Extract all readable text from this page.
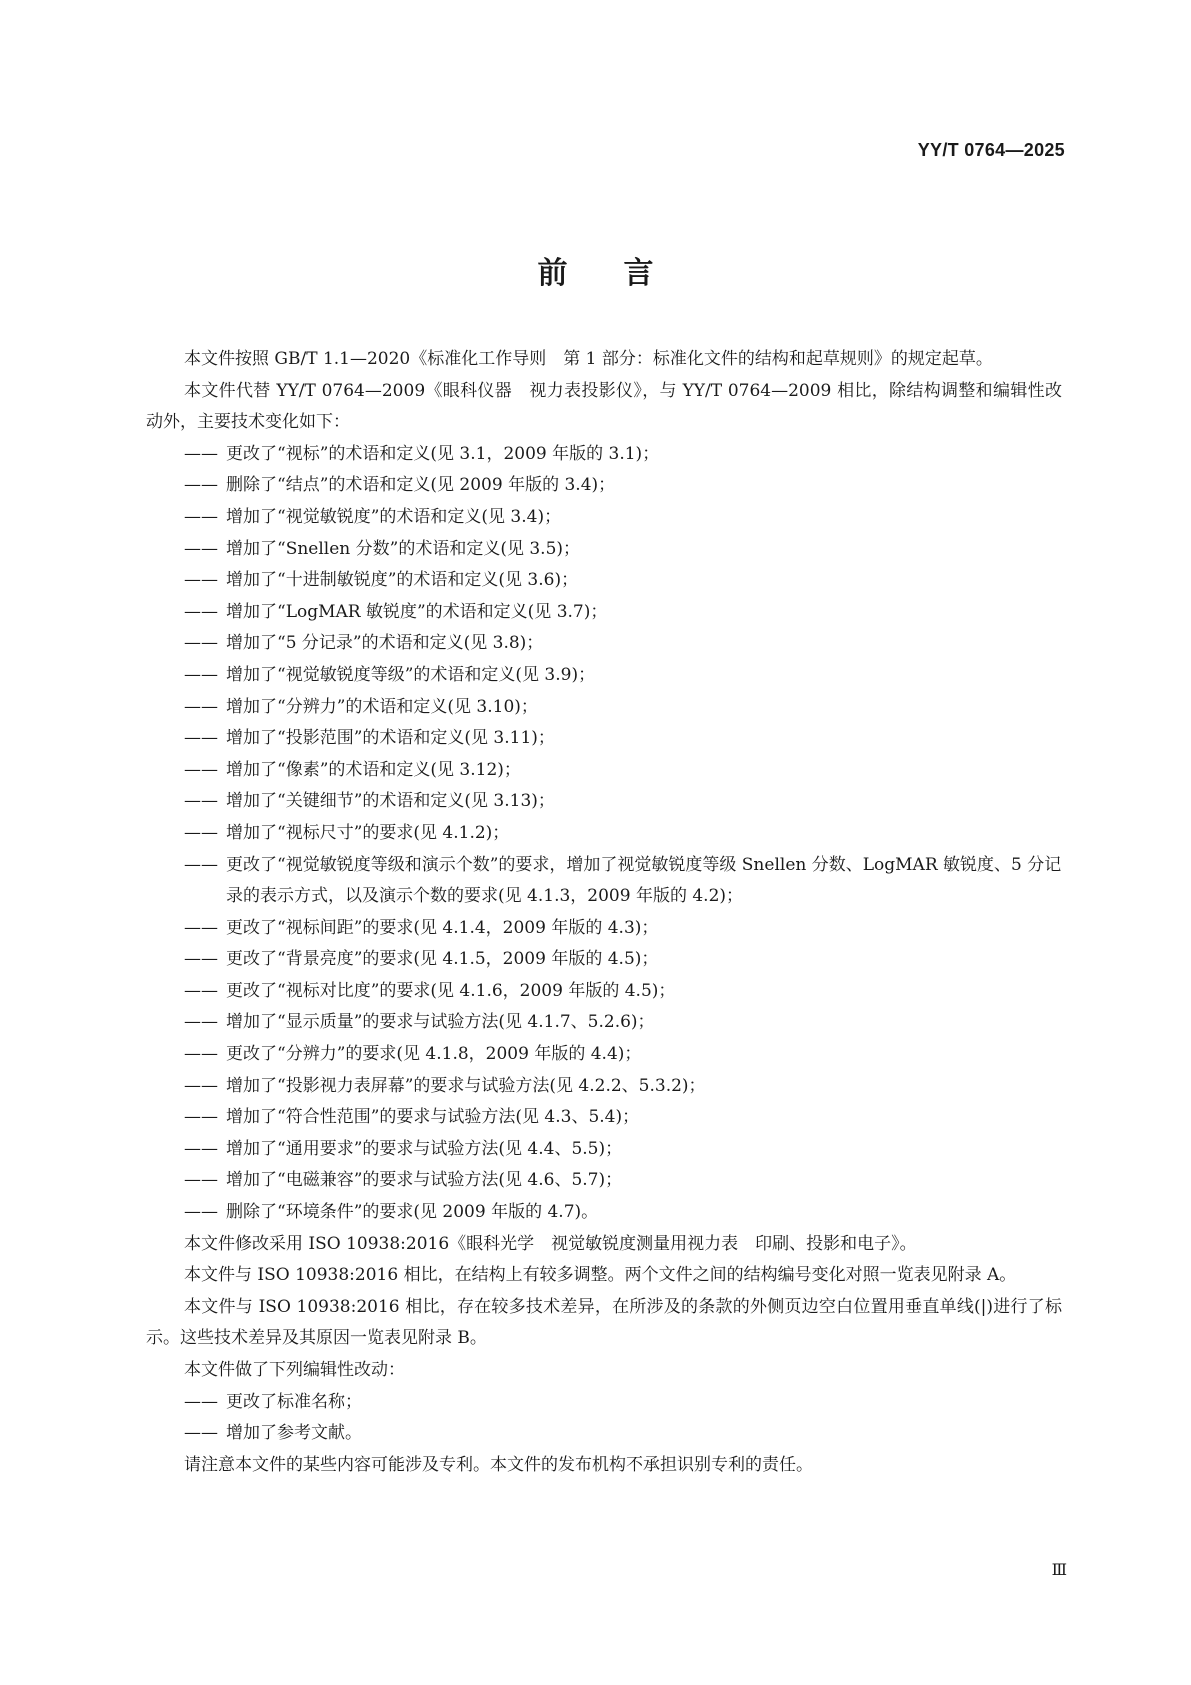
YY/T 0764—2025
前 言

本文件按照 GB/T 1.1—2020《标准化工作导则　第 1 部分：标准化文件的结构和起草规则》的规定起草。

本文件代替 YY/T 0764—2009《眼科仪器　视力表投影仪》，与 YY/T 0764—2009 相比，除结构调整和编辑性改动外，主要技术变化如下：

—— 更改了“视标”的术语和定义(见 3.1，2009 年版的 3.1)；

—— 删除了“结点”的术语和定义(见 2009 年版的 3.4)；

—— 增加了“视觉敏锐度”的术语和定义(见 3.4)；

—— 增加了“Snellen 分数”的术语和定义(见 3.5)；

—— 增加了“十进制敏锐度”的术语和定义(见 3.6)；

—— 增加了“LogMAR 敏锐度”的术语和定义(见 3.7)；

—— 增加了“5 分记录”的术语和定义(见 3.8)；

—— 增加了“视觉敏锐度等级”的术语和定义(见 3.9)；

—— 增加了“分辨力”的术语和定义(见 3.10)；

—— 增加了“投影范围”的术语和定义(见 3.11)；

—— 增加了“像素”的术语和定义(见 3.12)；

—— 增加了“关键细节”的术语和定义(见 3.13)；

—— 增加了“视标尺寸”的要求(见 4.1.2)；

—— 更改了“视觉敏锐度等级和演示个数”的要求，增加了视觉敏锐度等级 Snellen 分数、LogMAR 敏锐度、5 分记录的表示方式，以及演示个数的要求(见 4.1.3，2009 年版的 4.2)；

—— 更改了“视标间距”的要求(见 4.1.4，2009 年版的 4.3)；

—— 更改了“背景亮度”的要求(见 4.1.5，2009 年版的 4.5)；

—— 更改了“视标对比度”的要求(见 4.1.6，2009 年版的 4.5)；

—— 增加了“显示质量”的要求与试验方法(见 4.1.7、5.2.6)；

—— 更改了“分辨力”的要求(见 4.1.8，2009 年版的 4.4)；

—— 增加了“投影视力表屏幕”的要求与试验方法(见 4.2.2、5.3.2)；

—— 增加了“符合性范围”的要求与试验方法(见 4.3、5.4)；

—— 增加了“通用要求”的要求与试验方法(见 4.4、5.5)；

—— 增加了“电磁兼容”的要求与试验方法(见 4.6、5.7)；

—— 删除了“环境条件”的要求(见 2009 年版的 4.7)。

本文件修改采用 ISO 10938:2016《眼科光学　视觉敏锐度测量用视力表　印刷、投影和电子》。

本文件与 ISO 10938:2016 相比，在结构上有较多调整。两个文件之间的结构编号变化对照一览表见附录 A。

本文件与 ISO 10938:2016 相比，存在较多技术差异，在所涉及的条款的外侧页边空白位置用垂直单线(|)进行了标示。这些技术差异及其原因一览表见附录 B。

本文件做了下列编辑性改动：

—— 更改了标准名称；

—— 增加了参考文献。

请注意本文件的某些内容可能涉及专利。本文件的发布机构不承担识别专利的责任。

Ⅲ
